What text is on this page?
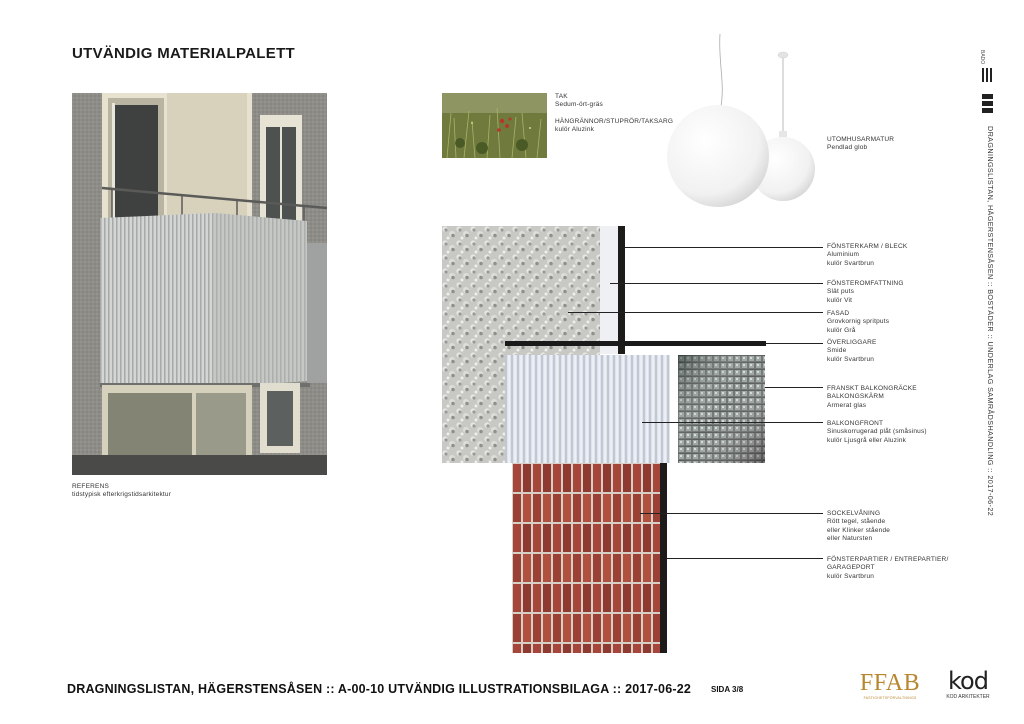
UTVÄNDIG MATERIALPALETT
REFERENS
tidstypisk efterkrigstidsarkitektur
TAK
Sedum-ört-gräs
HÄNGRÄNNOR/STUPRÖR/TAKSARG
kulör Aluzink
UTOMHUSARMATUR
Pendlad glob
FÖNSTERKARM / BLECK
Aluminium
kulör Svartbrun
FÖNSTEROMFATTNING
Slät puts
kulör Vit
FASAD
Grovkornig spritputs
kulör Grå
ÖVERLIGGARE
Smide
kulör Svartbrun
FRANSKT BALKONGRÄCKE
BALKONGSKÄRM
Armerat glas
BALKONGFRONT
Sinuskorrugerad plåt (småsinus)
kulör Ljusgrå eller Aluzink
SOCKELVÅNING
Rött tegel, stående
eller Klinker stående
eller Natursten
FÖNSTERPARTIER / ENTREPARTIER/
GARAGEPORT
kulör Svartbrun
BADO
DRAGNINGSLISTAN, HÄGERSTENSÅSEN :: BOSTÄDER :: UNDERLAG SAMRÅDSHANDLING :: 2017-06-22
DRAGNINGSLISTAN, HÄGERSTENSÅSEN :: A-00-10 UTVÄNDIG ILLUSTRATIONSBILAGA :: 2017-06-22 SIDA 3/8	FFAB
FASTIGHETSFÖRVALTNINGS
kod
KOD ARKITEKTER
